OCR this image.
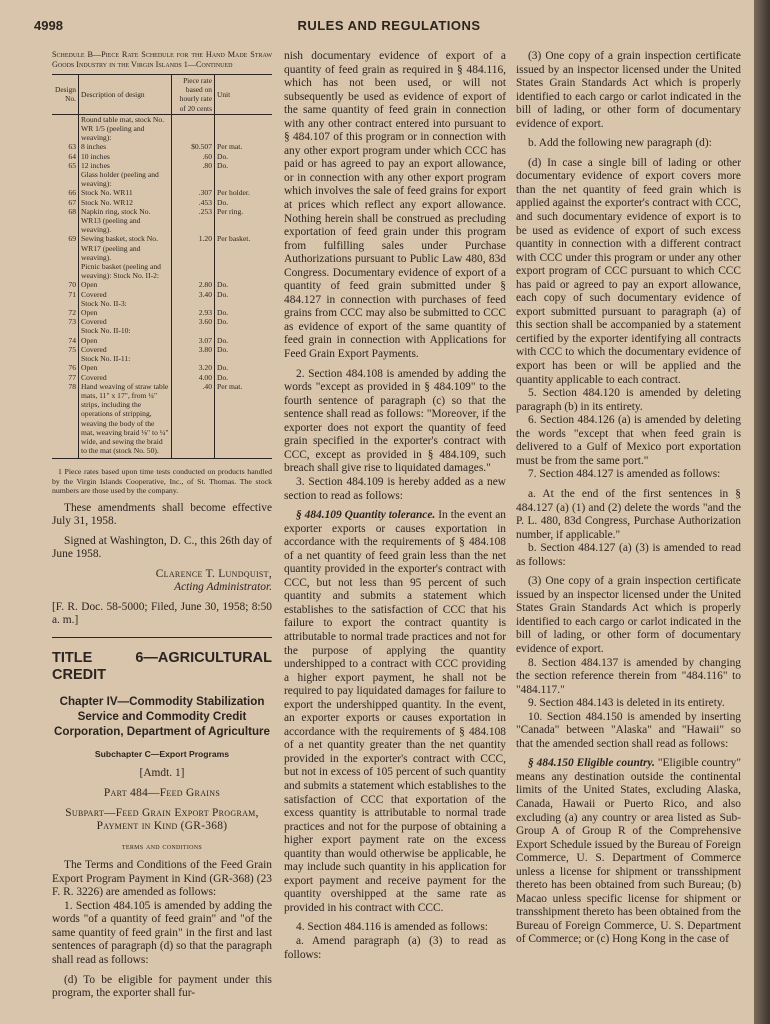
RULES AND REGULATIONS
4998

Schedule B—Piece Rate Schedule for the Hand Made Straw Goods Industry in the Virgin Islands 1—Continued

Design No.	Description of design	Piece rate based on hourly rate of 20 cents	Unit
	Round table mat, stock No. WR 1/5 (peeling and weaving):		
63	8 inches	$0.507	Per mat.
64	10 inches	.60	Do.
65	12 inches	.80	Do.
	Glass holder (peeling and weaving):		
66	Stock No. WR11	.307	Per holder.
67	Stock No. WR12	.453	Do.
68	Napkin ring, stock No. WR13 (peeling and weaving).	.253	Per ring.
69	Sewing basket, stock No. WR17 (peeling and weaving).	1.20	Per basket.
	Picnic basket (peeling and weaving): Stock No. II-2:		
70	Open	2.80	Do.
71	Covered	3.40	Do.
	Stock No. II-3:		
72	Open	2.93	Do.
73	Covered	3.60	Do.
	Stock No. II-10:		
74	Open	3.07	Do.
75	Covered	3.80	Do.
	Stock No. II-11:		
76	Open	3.20	Do.
77	Covered	4.00	Do.
78	Hand weaving of straw table mats, 11" x 17", from ¼" strips, including the operations of stripping, weaving the body of the mat, weaving braid ⅛" to ¼" wide, and sewing the braid to the mat (stock No. 50).	.40	Per mat.

1 Piece rates based upon time tests conducted on products handled by the Virgin Islands Cooperative, Inc., of St. Thomas. The stock numbers are those used by the company.

These amendments shall become effective July 31, 1958.

Signed at Washington, D. C., this 26th day of June 1958.

Clarence T. Lundquist,

Acting Administrator.

[F. R. Doc. 58-5000; Filed, June 30, 1958; 8:50 a. m.]

TITLE 6—AGRICULTURAL CREDIT

Chapter IV—Commodity Stabilization Service and Commodity Credit Corporation, Department of Agriculture

Subchapter C—Export Programs

[Amdt. 1]

Part 484—Feed Grains

Subpart—Feed Grain Export Program, Payment in Kind (GR-368)

terms and conditions

The Terms and Conditions of the Feed Grain Export Program Payment in Kind (GR-368) (23 F. R. 3226) are amended as follows:

1. Section 484.105 is amended by adding the words "of a quantity of feed grain" and "of the same quantity of feed grain" in the first and last sentences of paragraph (d) so that the paragraph shall read as follows:

(d) To be eligible for payment under this program, the exporter shall fur-

nish documentary evidence of export of a quantity of feed grain as required in § 484.116, which has not been used, or will not subsequently be used as evidence of export of the same quantity of feed grain in connection with any other contract entered into pursuant to § 484.107 of this program or in connection with any other export program under which CCC has paid or has agreed to pay an export allowance, or in connection with any other export program which involves the sale of feed grains for export at prices which reflect any export allowance. Nothing herein shall be construed as precluding exportation of feed grain under this program from fulfilling sales under Purchase Authorizations pursuant to Public Law 480, 83d Congress. Documentary evidence of export of a quantity of feed grain submitted under § 484.127 in connection with purchases of feed grains from CCC may also be submitted to CCC as evidence of export of the same quantity of feed grain in connection with Applications for Feed Grain Export Payments.

2. Section 484.108 is amended by adding the words "except as provided in § 484.109" to the fourth sentence of paragraph (c) so that the sentence shall read as follows: "Moreover, if the exporter does not export the quantity of feed grain specified in the exporter's contract with CCC, except as provided in § 484.109, such breach shall give rise to liquidated damages."

3. Section 484.109 is hereby added as a new section to read as follows:

§ 484.109 Quantity tolerance. In the event an exporter exports or causes exportation in accordance with the requirements of § 484.108 of a net quantity of feed grain less than the net quantity provided in the exporter's contract with CCC, but not less than 95 percent of such quantity and submits a statement which establishes to the satisfaction of CCC that his failure to export the contract quantity is attributable to normal trade practices and not for the purpose of applying the quantity undershipped to a contract with CCC providing a higher export payment, he shall not be required to pay liquidated damages for failure to export the undershipped quantity. In the event, an exporter exports or causes exportation in accordance with the requirements of § 484.108 of a net quantity greater than the net quantity provided in the exporter's contract with CCC, but not in excess of 105 percent of such quantity and submits a statement which establishes to the satisfaction of CCC that exportation of the excess quantity is attributable to normal trade practices and not for the purpose of obtaining a higher export payment rate on the excess quantity than would otherwise be applicable, he may include such quantity in his application for export payment and receive payment for the quantity overshipped at the same rate as provided in his contract with CCC.

4. Section 484.116 is amended as follows:

a. Amend paragraph (a) (3) to read as follows:

(3) One copy of a grain inspection certificate issued by an inspector licensed under the United States Grain Standards Act which is properly identified to each cargo or carlot indicated in the bill of lading, or other form of documentary evidence of export.

b. Add the following new paragraph (d):

(d) In case a single bill of lading or other documentary evidence of export covers more than the net quantity of feed grain which is applied against the exporter's contract with CCC, and such documentary evidence of export is to be used as evidence of export of such excess quantity in connection with a different contract with CCC under this program or under any other export program of CCC pursuant to which CCC has paid or agreed to pay an export allowance, each copy of such documentary evidence of export submitted pursuant to paragraph (a) of this section shall be accompanied by a statement certified by the exporter identifying all contracts with CCC to which the documentary evidence of export has been or will be applied and the quantity applicable to each contract.

5. Section 484.120 is amended by deleting paragraph (b) in its entirety.

6. Section 484.126 (a) is amended by deleting the words "except that when feed grain is delivered to a Gulf of Mexico port exportation must be from the same port."

7. Section 484.127 is amended as follows:

a. At the end of the first sentences in § 484.127 (a) (1) and (2) delete the words "and the P. L. 480, 83d Congress, Purchase Authorization number, if applicable."

b. Section 484.127 (a) (3) is amended to read as follows:

(3) One copy of a grain inspection certificate issued by an inspector licensed under the United States Grain Standards Act which is properly identified to each cargo or carlot indicated in the bill of lading, or other form of documentary evidence of export.

8. Section 484.137 is amended by changing the section reference therein from "484.116" to "484.117."

9. Section 484.143 is deleted in its entirety.

10. Section 484.150 is amended by inserting "Canada" between "Alaska" and "Hawaii" so that the amended section shall read as follows:

§ 484.150 Eligible country. "Eligible country" means any destination outside the continental limits of the United States, excluding Alaska, Canada, Hawaii or Puerto Rico, and also excluding (a) any country or area listed as Sub-Group A of Group R of the Comprehensive Export Schedule issued by the Bureau of Foreign Commerce, U. S. Department of Commerce unless a license for shipment or transshipment thereto has been obtained from such Bureau; (b) Macao unless specific license for shipment or transshipment thereto has been obtained from the Bureau of Foreign Commerce, U. S. Department of Commerce; or (c) Hong Kong in the case of
